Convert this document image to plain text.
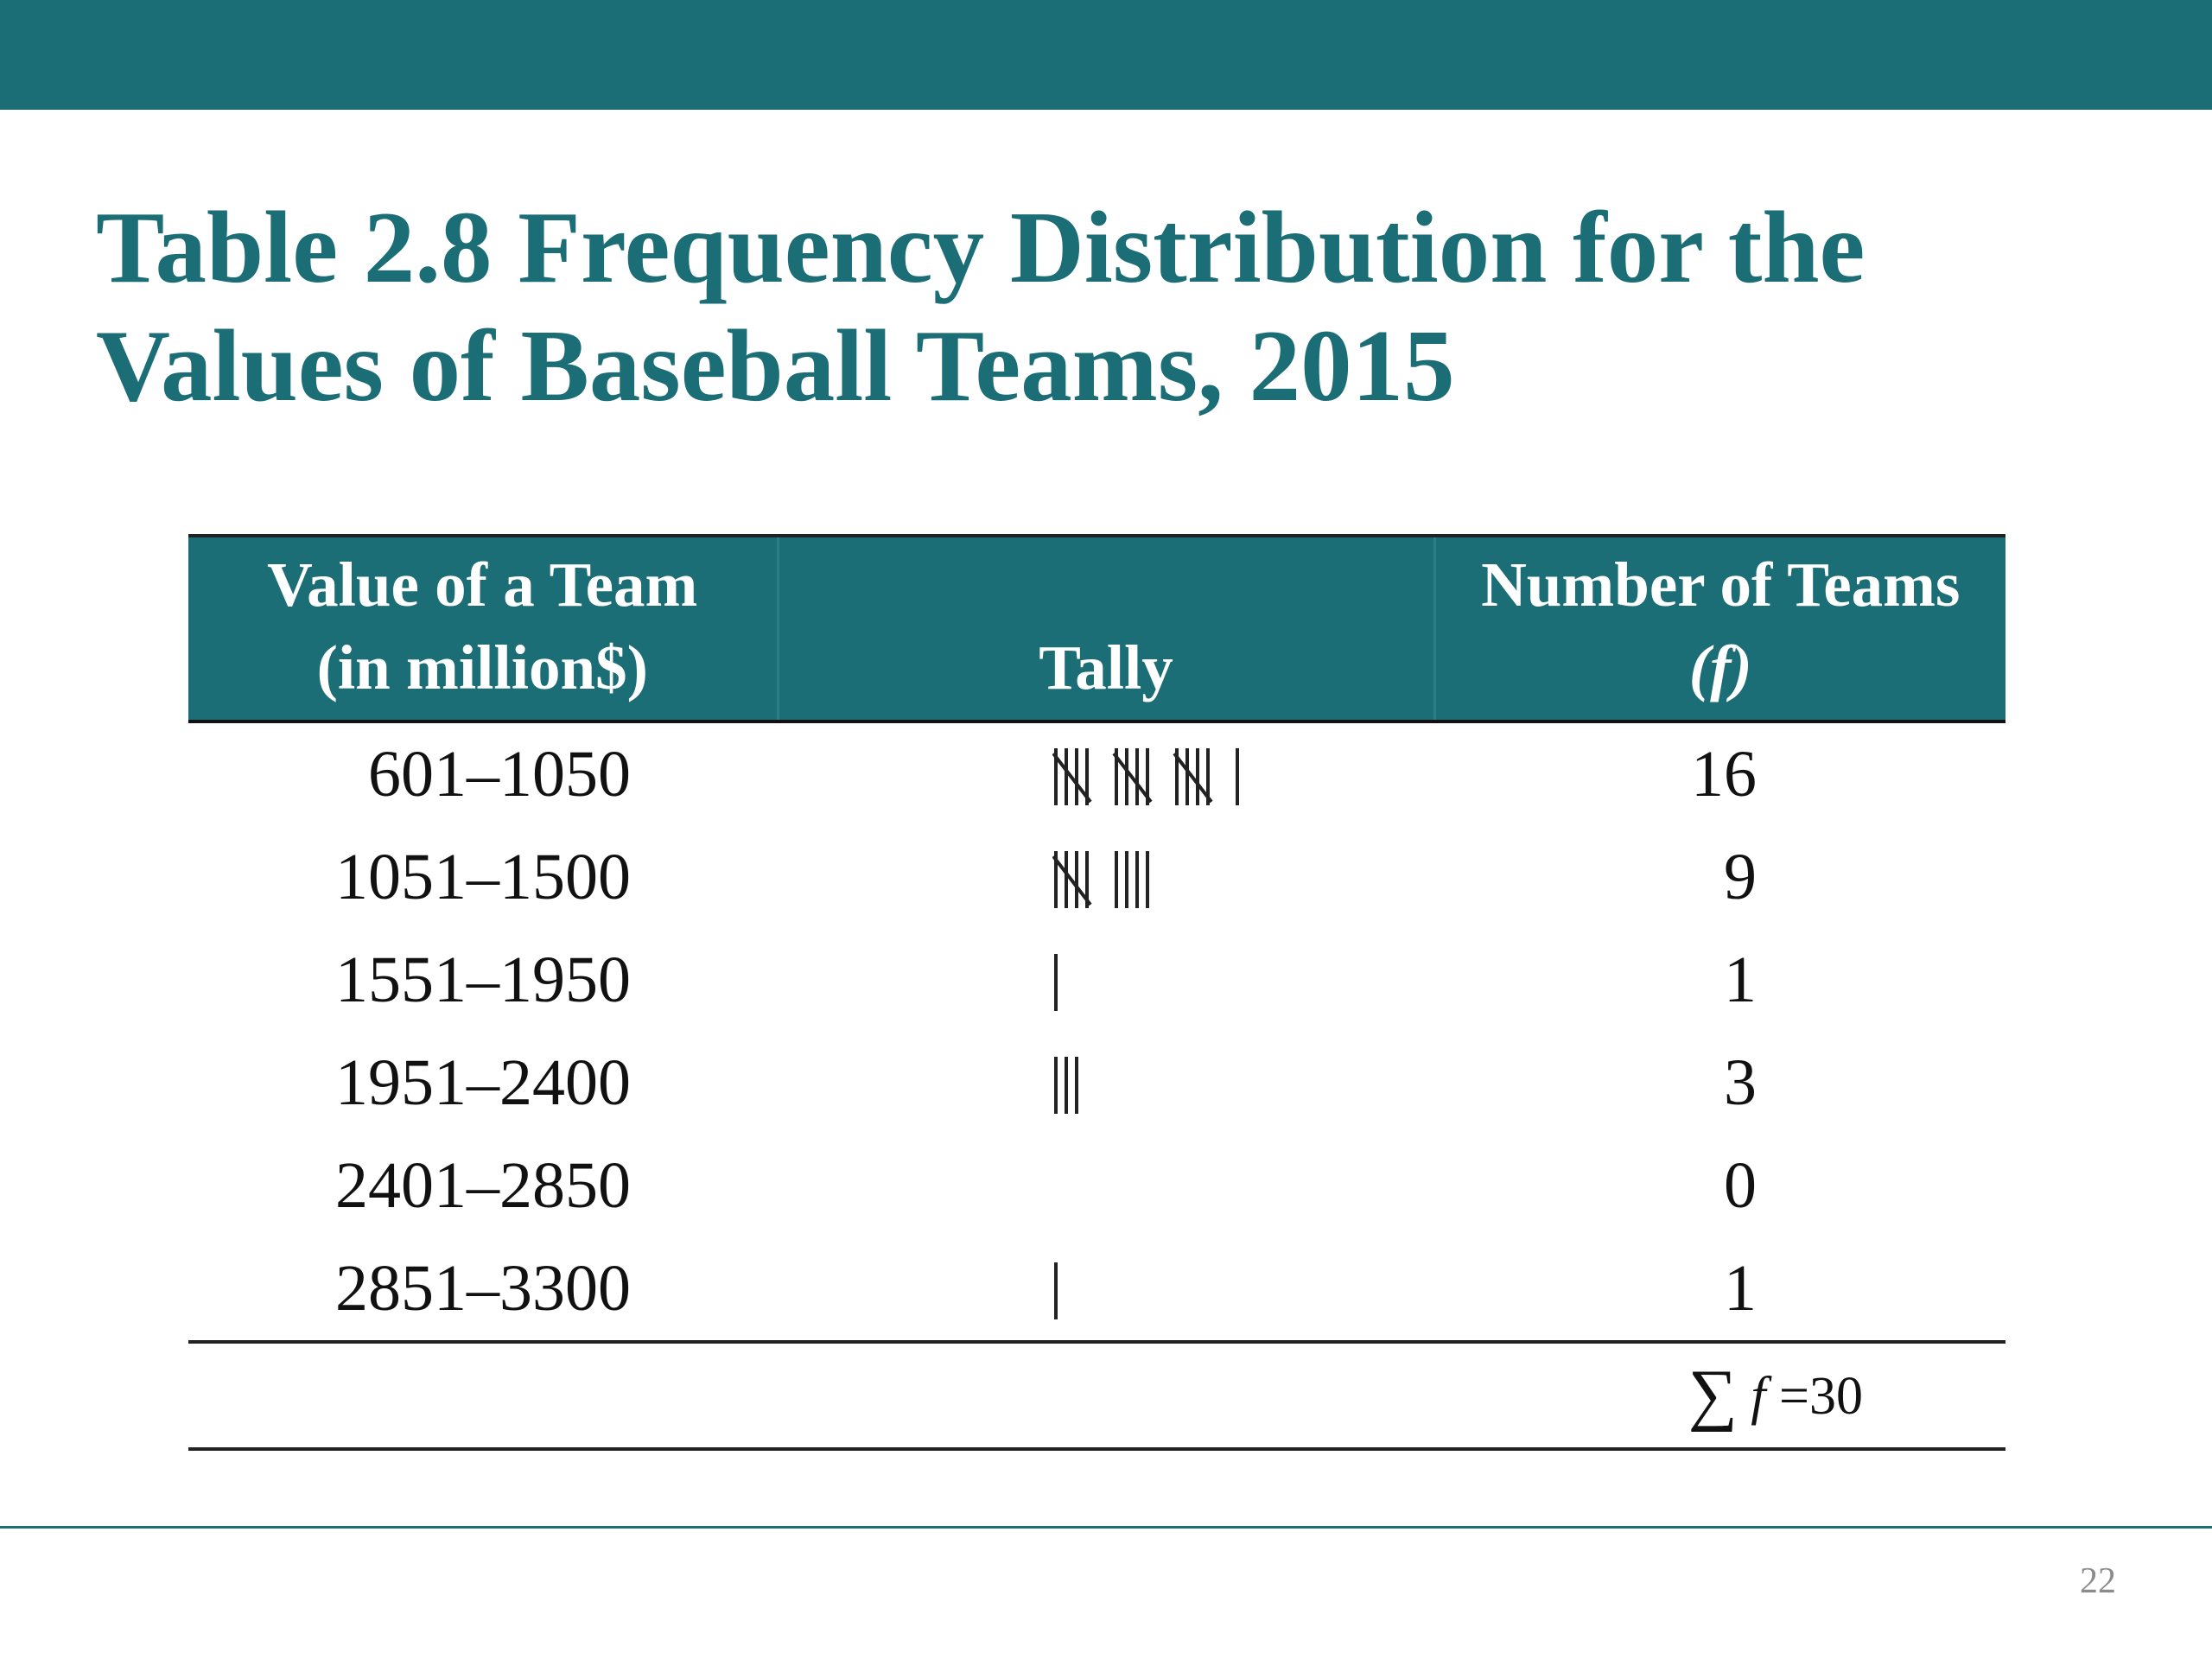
Table 2.8 Frequency Distribution for the
Values of Baseball Teams, 2015
Value of a Team
(in million$)	Tally	Number of Teams
(f)

601–1050		16
1051–1500		9
1551–1950		1
1951–2400		3
2401–2850		0
2851–3300		1
		∑ f =30
22
